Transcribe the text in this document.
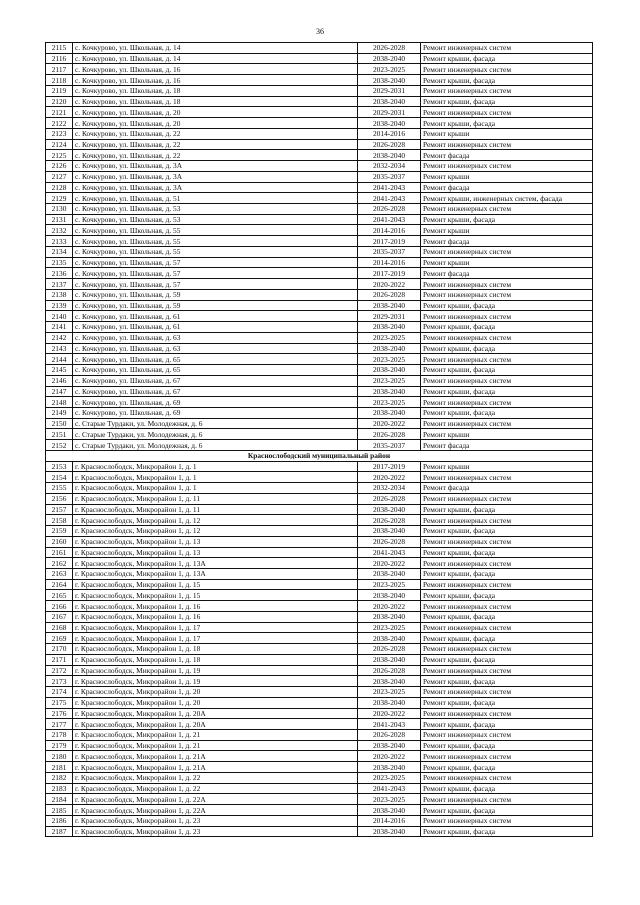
36
2115	с. Кочкурово, ул. Школьная, д. 14	2026-2028	Ремонт инженерных систем
2116	с. Кочкурово, ул. Школьная, д. 14	2038-2040	Ремонт крыши, фасада
2117	с. Кочкурово, ул. Школьная, д. 16	2023-2025	Ремонт инженерных систем
2118	с. Кочкурово, ул. Школьная, д. 16	2038-2040	Ремонт крыши, фасада
2119	с. Кочкурово, ул. Школьная, д. 18	2029-2031	Ремонт инженерных систем
2120	с. Кочкурово, ул. Школьная, д. 18	2038-2040	Ремонт крыши, фасада
2121	с. Кочкурово, ул. Школьная, д. 20	2029-2031	Ремонт инженерных систем
2122	с. Кочкурово, ул. Школьная, д. 20	2038-2040	Ремонт крыши, фасада
2123	с. Кочкурово, ул. Школьная, д. 22	2014-2016	Ремонт крыши
2124	с. Кочкурово, ул. Школьная, д. 22	2026-2028	Ремонт инженерных систем
2125	с. Кочкурово, ул. Школьная, д. 22	2038-2040	Ремонт фасада
2126	с. Кочкурово, ул. Школьная, д. 3А	2032-2034	Ремонт инженерных систем
2127	с. Кочкурово, ул. Школьная, д. 3А	2035-2037	Ремонт крыши
2128	с. Кочкурово, ул. Школьная, д. 3А	2041-2043	Ремонт фасада
2129	с. Кочкурово, ул. Школьная, д. 51	2041-2043	Ремонт крыши, инженерных систем, фасада
2130	с. Кочкурово, ул. Школьная, д. 53	2026-2028	Ремонт инженерных систем
2131	с. Кочкурово, ул. Школьная, д. 53	2041-2043	Ремонт крыши, фасада
2132	с. Кочкурово, ул. Школьная, д. 55	2014-2016	Ремонт крыши
2133	с. Кочкурово, ул. Школьная, д. 55	2017-2019	Ремонт фасада
2134	с. Кочкурово, ул. Школьная, д. 55	2035-2037	Ремонт инженерных систем
2135	с. Кочкурово, ул. Школьная, д. 57	2014-2016	Ремонт крыши
2136	с. Кочкурово, ул. Школьная, д. 57	2017-2019	Ремонт фасада
2137	с. Кочкурово, ул. Школьная, д. 57	2020-2022	Ремонт инженерных систем
2138	с. Кочкурово, ул. Школьная, д. 59	2026-2028	Ремонт инженерных систем
2139	с. Кочкурово, ул. Школьная, д. 59	2038-2040	Ремонт крыши, фасада
2140	с. Кочкурово, ул. Школьная, д. 61	2029-2031	Ремонт инженерных систем
2141	с. Кочкурово, ул. Школьная, д. 61	2038-2040	Ремонт крыши, фасада
2142	с. Кочкурово, ул. Школьная, д. 63	2023-2025	Ремонт инженерных систем
2143	с. Кочкурово, ул. Школьная, д. 63	2038-2040	Ремонт крыши, фасада
2144	с. Кочкурово, ул. Школьная, д. 65	2023-2025	Ремонт инженерных систем
2145	с. Кочкурово, ул. Школьная, д. 65	2038-2040	Ремонт крыши, фасада
2146	с. Кочкурово, ул. Школьная, д. 67	2023-2025	Ремонт инженерных систем
2147	с. Кочкурово, ул. Школьная, д. 67	2038-2040	Ремонт крыши, фасада
2148	с. Кочкурово, ул. Школьная, д. 69	2023-2025	Ремонт инженерных систем
2149	с. Кочкурово, ул. Школьная, д. 69	2038-2040	Ремонт крыши, фасада
2150	с. Старые Турдаки, ул. Молодежная, д. 6	2020-2022	Ремонт инженерных систем
2151	с. Старые Турдаки, ул. Молодежная, д. 6	2026-2028	Ремонт крыши
2152	с. Старые Турдаки, ул. Молодежная, д. 6	2035-2037	Ремонт фасада
Краснослободский муниципальный район			
2153	г. Краснослободск, Микрорайон 1, д. 1	2017-2019	Ремонт крыши
2154	г. Краснослободск, Микрорайон 1, д. 1	2020-2022	Ремонт инженерных систем
2155	г. Краснослободск, Микрорайон 1, д. 1	2032-2034	Ремонт фасада
2156	г. Краснослободск, Микрорайон 1, д. 11	2026-2028	Ремонт инженерных систем
2157	г. Краснослободск, Микрорайон 1, д. 11	2038-2040	Ремонт крыши, фасада
2158	г. Краснослободск, Микрорайон 1, д. 12	2026-2028	Ремонт инженерных систем
2159	г. Краснослободск, Микрорайон 1, д. 12	2038-2040	Ремонт крыши, фасада
2160	г. Краснослободск, Микрорайон 1, д. 13	2026-2028	Ремонт инженерных систем
2161	г. Краснослободск, Микрорайон 1, д. 13	2041-2043	Ремонт крыши, фасада
2162	г. Краснослободск, Микрорайон 1, д. 13А	2020-2022	Ремонт инженерных систем
2163	г. Краснослободск, Микрорайон 1, д. 13А	2038-2040	Ремонт крыши, фасада
2164	г. Краснослободск, Микрорайон 1, д. 15	2023-2025	Ремонт инженерных систем
2165	г. Краснослободск, Микрорайон 1, д. 15	2038-2040	Ремонт крыши, фасада
2166	г. Краснослободск, Микрорайон 1, д. 16	2020-2022	Ремонт инженерных систем
2167	г. Краснослободск, Микрорайон 1, д. 16	2038-2040	Ремонт крыши, фасада
2168	г. Краснослободск, Микрорайон 1, д. 17	2023-2025	Ремонт инженерных систем
2169	г. Краснослободск, Микрорайон 1, д. 17	2038-2040	Ремонт крыши, фасада
2170	г. Краснослободск, Микрорайон 1, д. 18	2026-2028	Ремонт инженерных систем
2171	г. Краснослободск, Микрорайон 1, д. 18	2038-2040	Ремонт крыши, фасада
2172	г. Краснослободск, Микрорайон 1, д. 19	2026-2028	Ремонт инженерных систем
2173	г. Краснослободск, Микрорайон 1, д. 19	2038-2040	Ремонт крыши, фасада
2174	г. Краснослободск, Микрорайон 1, д. 20	2023-2025	Ремонт инженерных систем
2175	г. Краснослободск, Микрорайон 1, д. 20	2038-2040	Ремонт крыши, фасада
2176	г. Краснослободск, Микрорайон 1, д. 20А	2020-2022	Ремонт инженерных систем
2177	г. Краснослободск, Микрорайон 1, д. 20А	2041-2043	Ремонт крыши, фасада
2178	г. Краснослободск, Микрорайон 1, д. 21	2026-2028	Ремонт инженерных систем
2179	г. Краснослободск, Микрорайон 1, д. 21	2038-2040	Ремонт крыши, фасада
2180	г. Краснослободск, Микрорайон 1, д. 21А	2020-2022	Ремонт инженерных систем
2181	г. Краснослободск, Микрорайон 1, д. 21А	2038-2040	Ремонт крыши, фасада
2182	г. Краснослободск, Микрорайон 1, д. 22	2023-2025	Ремонт инженерных систем
2183	г. Краснослободск, Микрорайон 1, д. 22	2041-2043	Ремонт крыши, фасада
2184	г. Краснослободск, Микрорайон 1, д. 22А	2023-2025	Ремонт инженерных систем
2185	г. Краснослободск, Микрорайон 1, д. 22А	2038-2040	Ремонт крыши, фасада
2186	г. Краснослободск, Микрорайон 1, д. 23	2014-2016	Ремонт инженерных систем
2187	г. Краснослободск, Микрорайон 1, д. 23	2038-2040	Ремонт крыши, фасада
